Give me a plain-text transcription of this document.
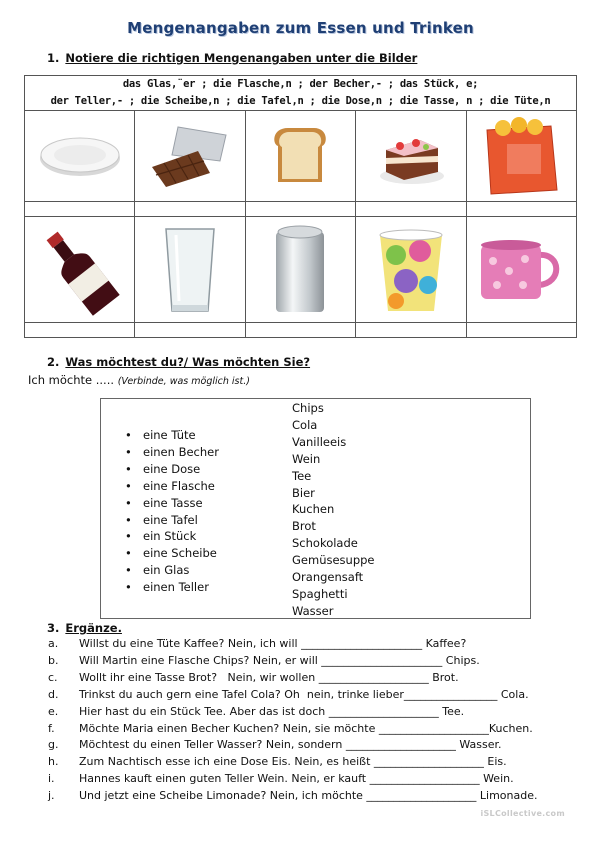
Mengenangaben zum Essen und Trinken
1. Notiere die richtigen Mengenangaben unter die Bilder
das Glas,¨er ; die Flasche,n ; der Becher,- ; das Stück, e;
der Teller,- ; die Scheibe,n ; die Tafel,n ; die Dose,n ; die Tasse, n ; die Tüte,n				

2. Was möchtest du?/ Was möchten Sie?
Ich möchte ..... (Verbinde, was möglich ist.)
• eine Tüte
• einen Becher
• eine Dose
• eine Flasche
• eine Tasse
• eine Tafel
• ein Stück
• eine Scheibe
• ein Glas
• einen Teller
Chips
Cola
Vanilleeis
Wein
Tee
Bier
Kuchen
Brot
Schokolade
Gemüsesuppe
Orangensaft
Spaghetti
Wasser
3. Ergänze.
a. Willst du eine Tüte Kaffee? Nein, ich will ______________________ Kaffee?
b. Will Martin eine Flasche Chips? Nein, er will ______________________ Chips.
c. Wollt ihr eine Tasse Brot?   Nein, wir wollen ____________________ Brot.
d. Trinkst du auch gern eine Tafel Cola? Oh  nein, trinke lieber_________________ Cola.
e. Hier hast du ein Stück Tee. Aber das ist doch ____________________ Tee.
f. Möchte Maria einen Becher Kuchen? Nein, sie möchte ____________________Kuchen.
g. Möchtest du einen Teller Wasser? Nein, sondern ____________________ Wasser.
h. Zum Nachtisch esse ich eine Dose Eis. Nein, es heißt ____________________ Eis.
i. Hannes kauft einen guten Teller Wein. Nein, er kauft ____________________ Wein.
j. Und jetzt eine Scheibe Limonade? Nein, ich möchte ____________________ Limonade.
iSLCollective.com
